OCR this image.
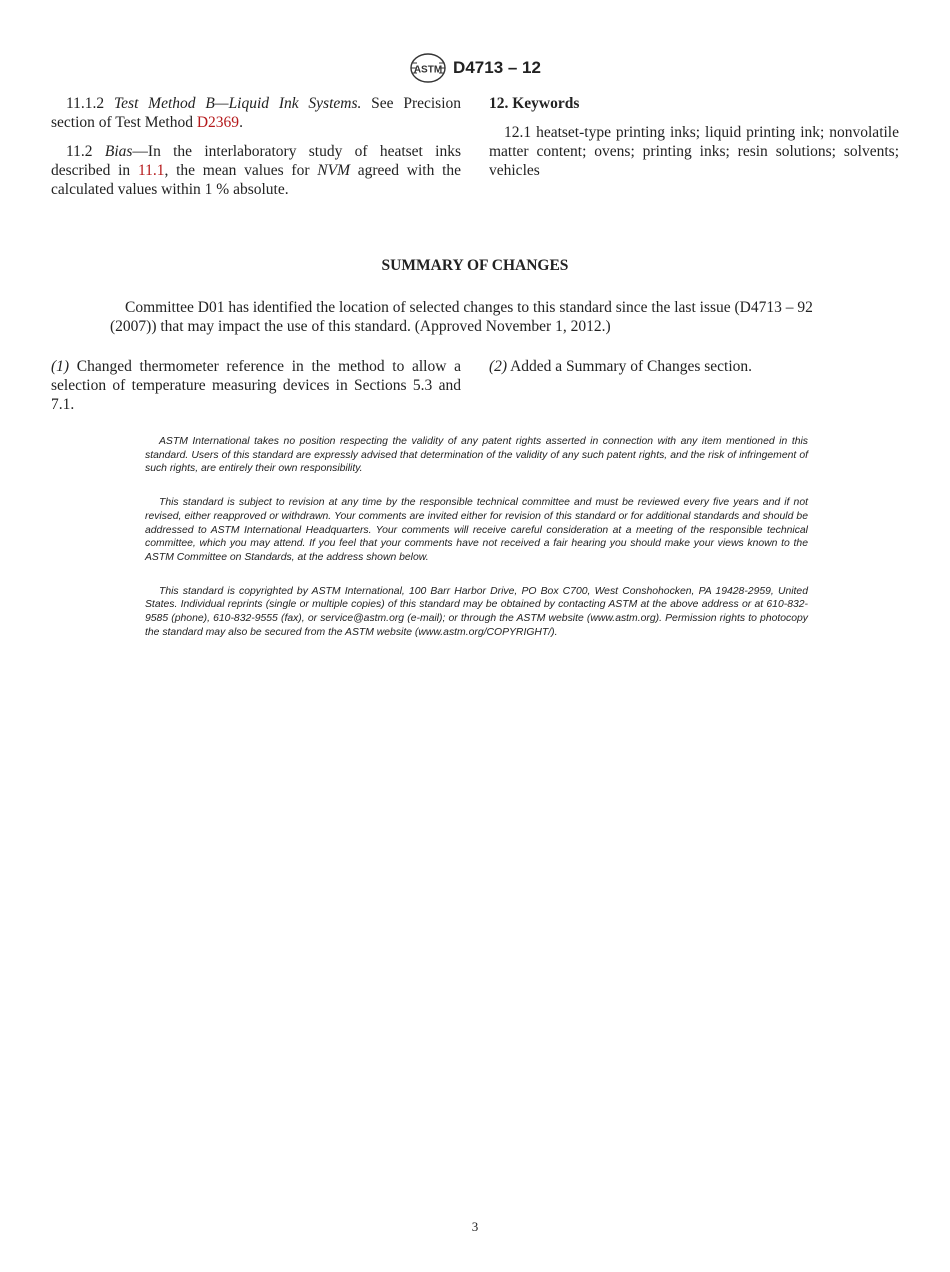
ASTM D4713 – 12

11.1.2 Test Method B—Liquid Ink Systems. See Precision section of Test Method D2369.

11.2 Bias—In the interlaboratory study of heatset inks described in 11.1, the mean values for NVM agreed with the calculated values within 1 % absolute.

12. Keywords

12.1 heatset-type printing inks; liquid printing ink; nonvolatile matter content; ovens; printing inks; resin solutions; solvents; vehicles

SUMMARY OF CHANGES
Committee D01 has identified the location of selected changes to this standard since the last issue (D4713 – 92 (2007)) that may impact the use of this standard. (Approved November 1, 2012.)

(1) Changed thermometer reference in the method to allow a selection of temperature measuring devices in Sections 5.3 and 7.1.

(2) Added a Summary of Changes section.

ASTM International takes no position respecting the validity of any patent rights asserted in connection with any item mentioned in this standard. Users of this standard are expressly advised that determination of the validity of any such patent rights, and the risk of infringement of such rights, are entirely their own responsibility.

This standard is subject to revision at any time by the responsible technical committee and must be reviewed every five years and if not revised, either reapproved or withdrawn. Your comments are invited either for revision of this standard or for additional standards and should be addressed to ASTM International Headquarters. Your comments will receive careful consideration at a meeting of the responsible technical committee, which you may attend. If you feel that your comments have not received a fair hearing you should make your views known to the ASTM Committee on Standards, at the address shown below.

This standard is copyrighted by ASTM International, 100 Barr Harbor Drive, PO Box C700, West Conshohocken, PA 19428-2959, United States. Individual reprints (single or multiple copies) of this standard may be obtained by contacting ASTM at the above address or at 610-832-9585 (phone), 610-832-9555 (fax), or service@astm.org (e-mail); or through the ASTM website (www.astm.org). Permission rights to photocopy the standard may also be secured from the ASTM website (www.astm.org/COPYRIGHT/).

3
